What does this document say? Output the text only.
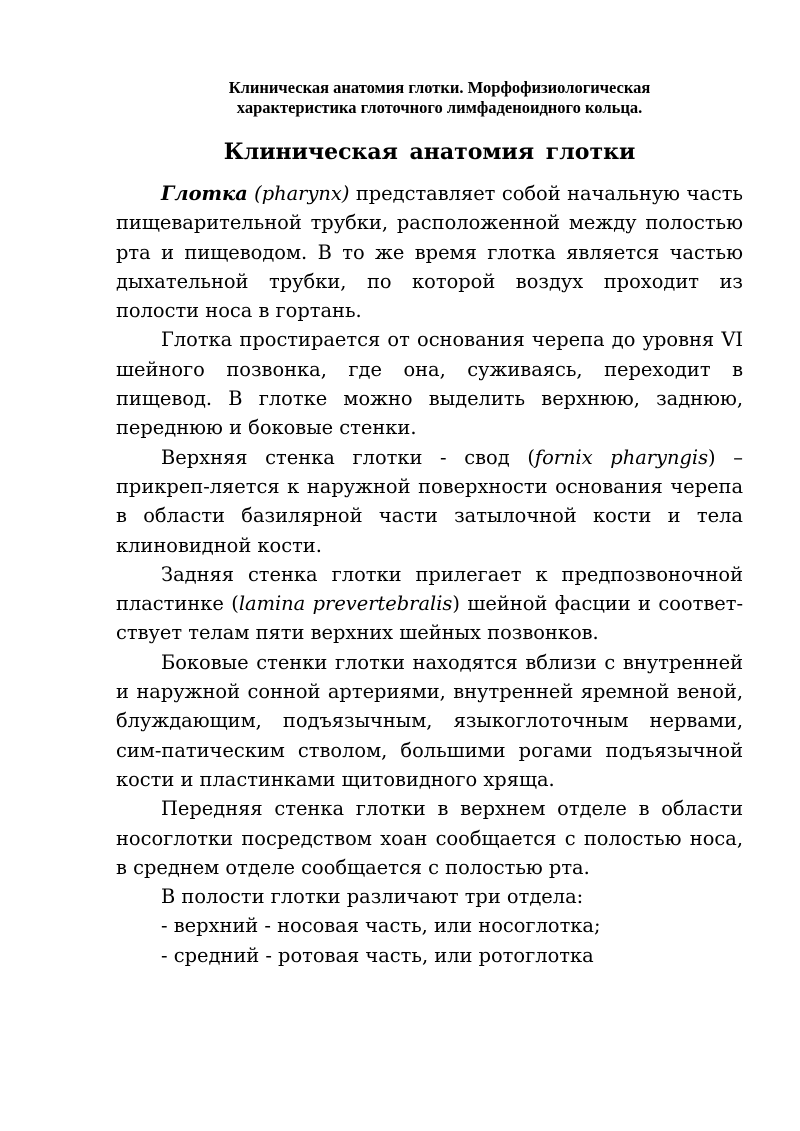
Клиническая анатомия глотки. Морфофизиологическая
характеристика глоточного лимфаденоидного кольца.
Клиническая анатомия глотки

Глотка (pharynx) представляет собой начальную часть пищеварительной трубки, расположенной между полостью рта и пищеводом. В то же время глотка является частью дыхательной трубки, по которой воздух проходит из полости носа в гортань.

Глотка простирается от основания черепа до уровня VI шейного позвонка, где она, суживаясь, переходит в пищевод. В глотке можно выделить верхнюю, заднюю, переднюю и боковые стенки.

Верхняя стенка глотки - свод (fornix pharyngis) – прикреп-ляется к наружной поверхности основания черепа в области базилярной части затылочной кости и тела клиновидной кости.

Задняя стенка глотки прилегает к предпозвоночной пластинке (lamina prevertebralis) шейной фасции и соответ-ствует телам пяти верхних шейных позвонков.

Боковые стенки глотки находятся вблизи с внутренней и наружной сонной артериями, внутренней яремной веной, блуждающим, подъязычным, языкоглоточным нервами, сим-патическим стволом, большими рогами подъязычной кости и пластинками щитовидного хряща.

Передняя стенка глотки в верхнем отделе в области носоглотки посредством хоан сообщается с полостью носа, в среднем отделе сообщается с полостью рта.

В полости глотки различают три отдела:

- верхний - носовая часть, или носоглотка;

- средний - ротовая часть, или ротоглотка
